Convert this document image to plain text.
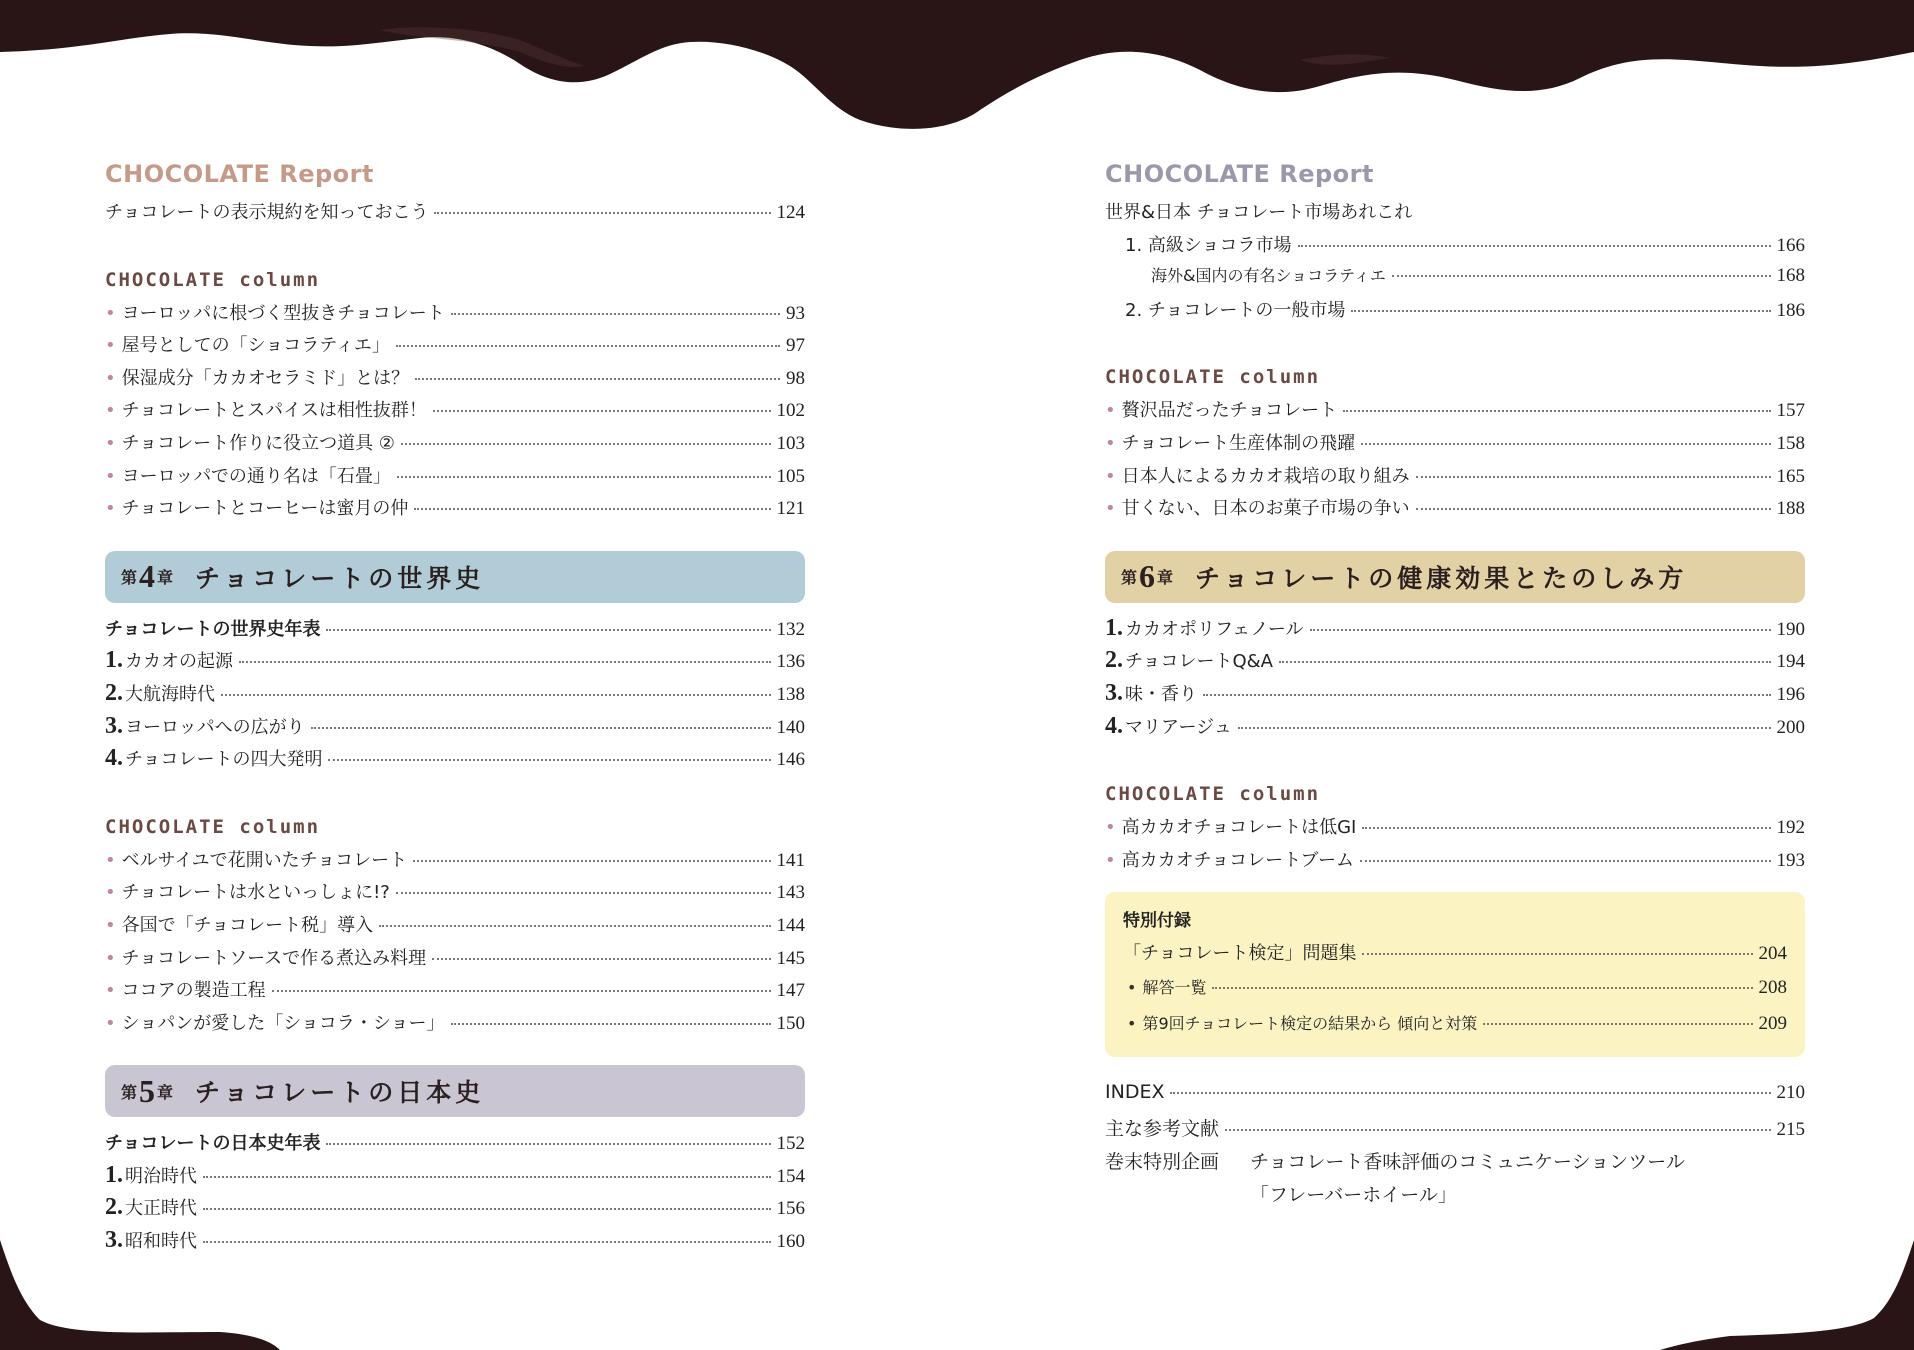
CHOCOLATE Report
チョコレートの表示規約を知っておこう	124
CHOCOLATE column
• ヨーロッパに根づく型抜きチョコレート	93
• 屋号としての「ショコラティエ」	97
• 保湿成分「カカオセラミド」とは？	98
• チョコレートとスパイスは相性抜群！	102
• チョコレート作りに役立つ道具 ②	103
• ヨーロッパでの通り名は「石畳」	105
• チョコレートとコーヒーは蜜月の仲	121
第 4 章 チョコレートの世界史
チョコレートの世界史年表	132
1. カカオの起源	136
2. 大航海時代	138
3. ヨーロッパへの広がり	140
4. チョコレートの四大発明	146
CHOCOLATE column
• ベルサイユで花開いたチョコレート	141
• チョコレートは水といっしょに!?	143
• 各国で「チョコレート税」導入	144
• チョコレートソースで作る煮込み料理	145
• ココアの製造工程	147
• ショパンが愛した「ショコラ・ショー」	150
第 5 章 チョコレートの日本史
チョコレートの日本史年表	152
1. 明治時代	154
2. 大正時代	156
3. 昭和時代	160
CHOCOLATE Report
世界&日本 チョコレート市場あれこれ
1. 高級ショコラ市場	166
海外&国内の有名ショコラティエ	168
2. チョコレートの一般市場	186
CHOCOLATE column
• 贅沢品だったチョコレート	157
• チョコレート生産体制の飛躍	158
• 日本人によるカカオ栽培の取り組み	165
• 甘くない、日本のお菓子市場の争い	188
第 6 章 チョコレートの健康効果とたのしみ方
1. カカオポリフェノール	190
2. チョコレートQ&A	194
3. 味・香り	196
4. マリアージュ	200
CHOCOLATE column
• 高カカオチョコレートは低GI	192
• 高カカオチョコレートブーム	193
特別付録
「チョコレート検定」問題集	204
• 解答一覧	208
• 第9回チョコレート検定の結果から 傾向と対策	209
INDEX	210
主な参考文献	215
巻末特別企画	チョコレート香味評価のコミュニケーションツール
「フレーバーホイール」
